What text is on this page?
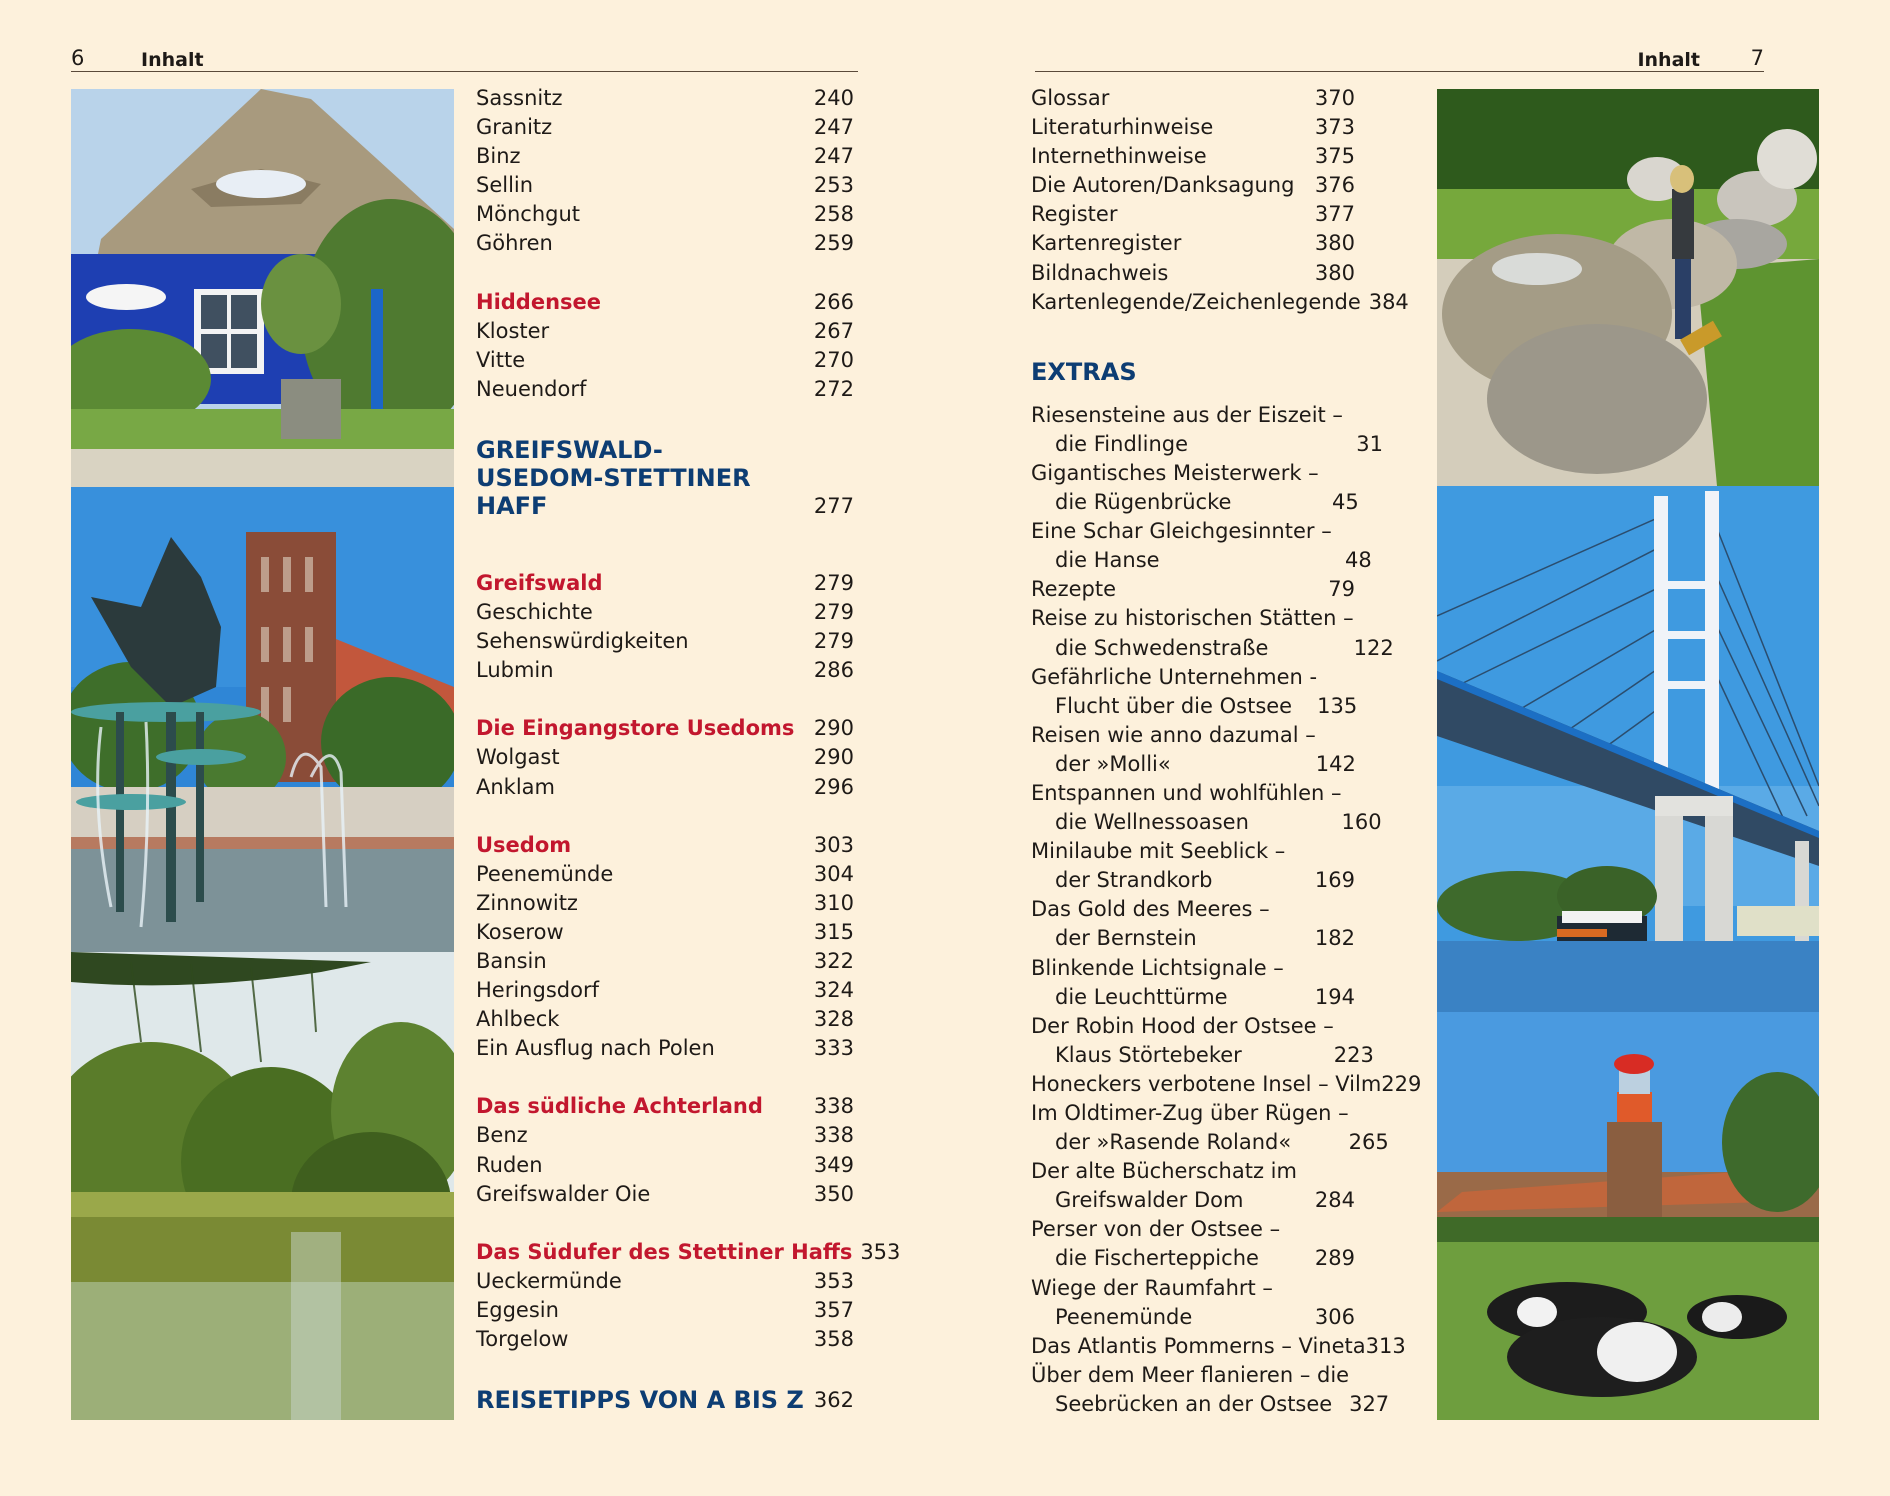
6	Inhalt
Sassnitz	240
Granitz	247
Binz	247
Sellin	253
Mönchgut	258
Göhren	259
Hiddensee	266
Kloster	267
Vitte	270
Neuendorf	272
GREIFSWALD-USEDOM-STETTINER HAFF	277
Greifswald	279
Geschichte	279
Sehenswürdigkeiten	279
Lubmin	286
Die Eingangstore Usedoms 290
Wolgast	290
Anklam	296
Usedom	303
Peenemünde	304
Zinnowitz	310
Koserow	315
Bansin	322
Heringsdorf	324
Ahlbeck	328
Ein Ausflug nach Polen	333
Das südliche Achterland	338
Benz	338
Ruden	349
Greifswalder Oie	350
Das Südufer des Stettiner Haffs 353
Ueckermünde	353
Eggesin	357
Torgelow	358
REISETIPPS VON A BIS Z 362
Inhalt 7
Glossar	370
Literaturhinweise	373
Internethinweise	375
Die Autoren/Danksagung 376
Register	377
Kartenregister	380
Bildnachweis	380
Kartenlegende/Zeichenlegende 384
EXTRAS
Riesensteine aus der Eiszeit –
die Findlinge	31
Gigantisches Meisterwerk –
die Rügenbrücke	45
Eine Schar Gleichgesinnter –
die Hanse	48
Rezepte	79
Reise zu historischen Stätten –
die Schwedenstraße	122
Gefährliche Unternehmen -
Flucht über die Ostsee	135
Reisen wie anno dazumal –
der »Molli«	142
Entspannen und wohlfühlen –
die Wellnessoasen	160
Minilaube mit Seeblick –
der Strandkorb	169
Das Gold des Meeres –
der Bernstein	182
Blinkende Lichtsignale –
die Leuchttürme	194
Der Robin Hood der Ostsee –
Klaus Störtebeker	223
Honeckers verbotene Insel – Vilm 229
Im Oldtimer-Zug über Rügen –
der »Rasende Roland«	265
Der alte Bücherschatz im
Greifswalder Dom	284
Perser von der Ostsee –
die Fischerteppiche	289
Wiege der Raumfahrt –
Peenemünde	306
Das Atlantis Pommerns – Vineta 313
Über dem Meer flanieren – die
Seebrücken an der Ostsee 327
